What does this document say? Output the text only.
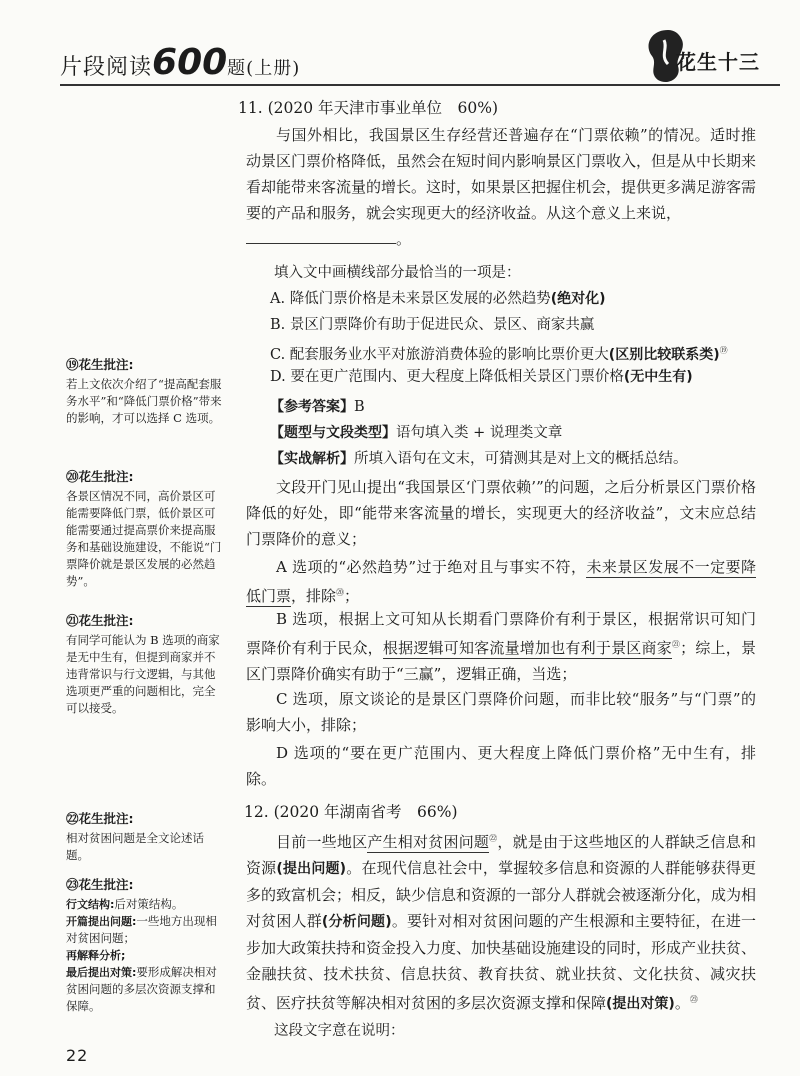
片段阅读600题(上册)	花生十三
11. (2020 年天津市事业单位　60%)

与国外相比，我国景区生存经营还普遍存在“门票依赖”的情况。适时推动景区门票价格降低，虽然会在短时间内影响景区门票收入，但是从中长期来看却能带来客流量的增长。这时，如果景区把握住机会，提供更多满足游客需要的产品和服务，就会实现更大的经济收益。从这个意义上来说，
。

填入文中画横线部分最恰当的一项是：
A. 降低门票价格是未来景区发展的必然趋势(绝对化)
B. 景区门票降价有助于促进民众、景区、商家共赢
C. 配套服务业水平对旅游消费体验的影响比票价更大(区别比较联系类)⑲
D. 要在更广范围内、更大程度上降低相关景区门票价格(无中生有)
【参考答案】B
【题型与文段类型】语句填入类 + 说理类文章
【实战解析】所填入语句在文末，可猜测其是对上文的概括总结。

文段开门见山提出“我国景区‘门票依赖’”的问题，之后分析景区门票价格降低的好处，即“能带来客流量的增长，实现更大的经济收益”，文末应总结门票降价的意义；

A 选项的“必然趋势”过于绝对且与事实不符，未来景区发展不一定要降低门票，排除⑳；

B 选项，根据上文可知从长期看门票降价有利于景区，根据常识可知门票降价有利于民众，根据逻辑可知客流量增加也有利于景区商家$^㉑$；综上，景区门票降价确实有助于“三赢”，逻辑正确，当选；

C 选项，原文谈论的是景区门票降价问题，而非比较“服务”与“门票”的影响大小，排除；

D 选项的“要在更广范围内、更大程度上降低门票价格”无中生有，排除。

12. (2020 年湖南省考　66%)

目前一些地区产生相对贫困问题$^㉒$，就是由于这些地区的人群缺乏信息和资源(提出问题)。在现代信息社会中，掌握较多信息和资源的人群能够获得更多的致富机会；相反，缺少信息和资源的一部分人群就会被逐渐分化，成为相对贫困人群(分析问题)。要针对相对贫困问题的产生根源和主要特征，在进一步加大政策扶持和资金投入力度、加快基础设施建设的同时，形成产业扶贫、金融扶贫、技术扶贫、信息扶贫、教育扶贫、就业扶贫、文化扶贫、减灾扶贫、医疗扶贫等解决相对贫困的多层次资源支撑和保障(提出对策)。$^㉓$

这段文字意在说明：
⑲花生批注:

若上文依次介绍了“提高配套服务水平”和“降低门票价格”带来的影响，才可以选择 C 选项。

⑳花生批注:

各景区情况不同，高价景区可能需要降低门票，低价景区可能需要通过提高票价来提高服务和基础设施建设，不能说“门票降价就是景区发展的必然趋势”。

㉑花生批注:

有同学可能认为 B 选项的商家是无中生有，但提到商家并不违背常识与行文逻辑，与其他选项更严重的问题相比，完全可以接受。

㉒花生批注:

相对贫困问题是全文论述话题。

㉓花生批注:

行文结构:后对策结构。

开篇提出问题:一些地方出现相对贫困问题；

再解释分析;

最后提出对策:要形成解决相对贫困问题的多层次资源支撑和保障。

22
